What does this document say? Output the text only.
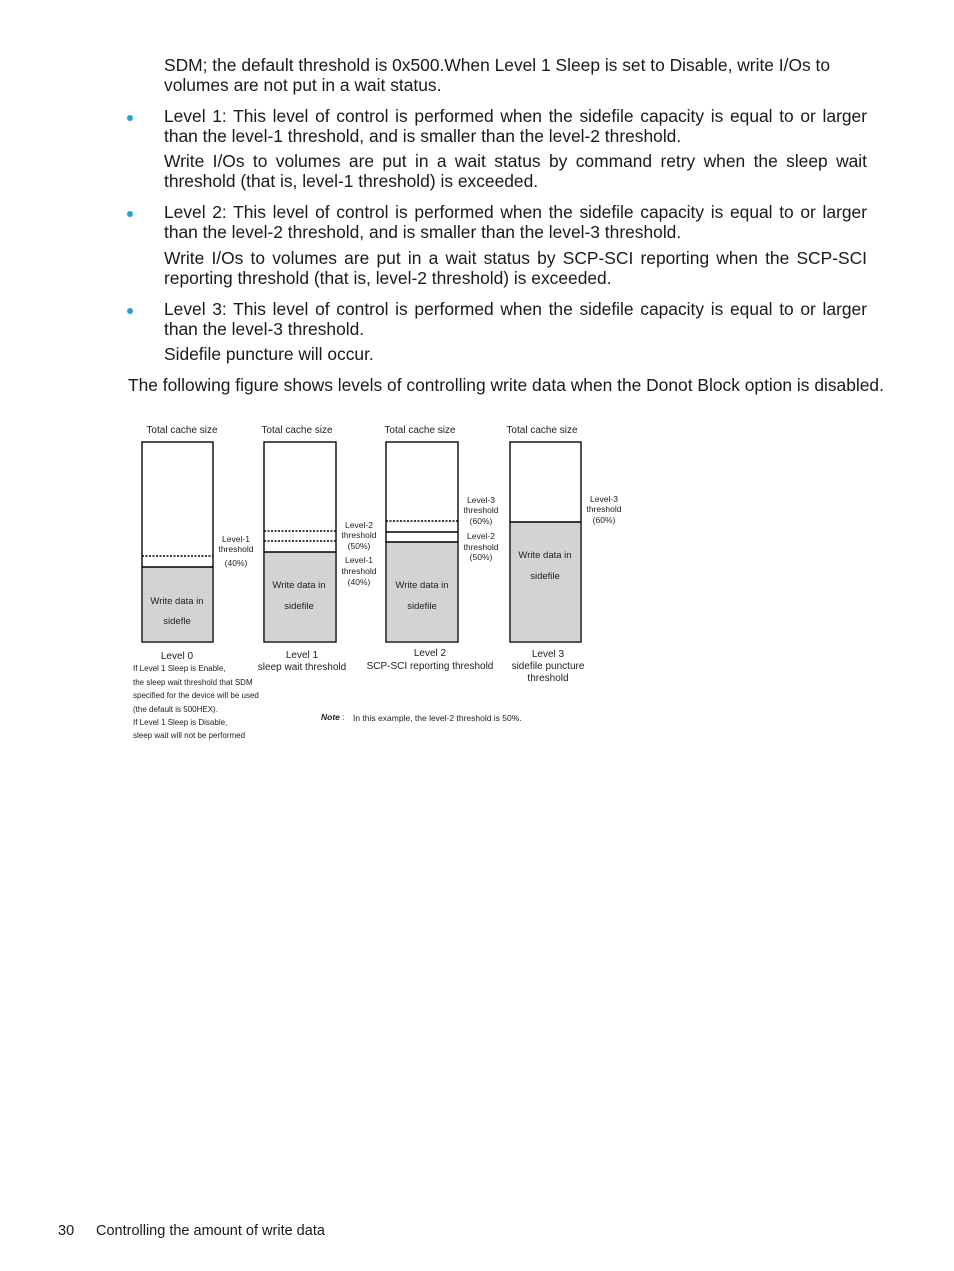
SDM; the default threshold is 0x500.When Level 1 Sleep is set to Disable, write I/Os to volumes are not put in a wait status.

Level 1: This level of control is performed when the sidefile capacity is equal to or larger than the level-1 threshold, and is smaller than the level-2 threshold.

Write I/Os to volumes are put in a wait status by command retry when the sleep wait threshold (that is, level-1 threshold) is exceeded.

Level 2: This level of control is performed when the sidefile capacity is equal to or larger than the level-2 threshold, and is smaller than the level-3 threshold.

Write I/Os to volumes are put in a wait status by SCP-SCI reporting when the SCP-SCI reporting threshold (that is, level-2 threshold) is exceeded.

Level 3: This level of control is performed when the sidefile capacity is equal to or larger than the level-3 threshold.

Sidefile puncture will occur.

The following figure shows levels of controlling write data when the Donot Block option is disabled.

Total cache size	Total cache size	Total cache size	Total cache size
Write data in
sidefle
Level-1
threshold
(40%)
Write data in
sidefile
Level-2
threshold
(50%)
Level-1
threshold
(40%)	Write data in
sidefile
Level-3
threshold
(60%)
Level-2
threshold
(50%)	Write data in
sidefile
Level-3
threshold
(60%)
Level 0	Level 1
sleep wait threshold
Level 2
SCP-SCI reporting threshold
Level 3
sidefile puncture
threshold
If Level 1 Sleep is Enable,
the sleep wait threshold that SDM
specified for the device will be used
(the default is 500HEX).
If Level 1 Sleep is Disable,
sleep wait will not be performed
Note : In this example, the level-2 threshold is 50%.
30 Controlling the amount of write data
